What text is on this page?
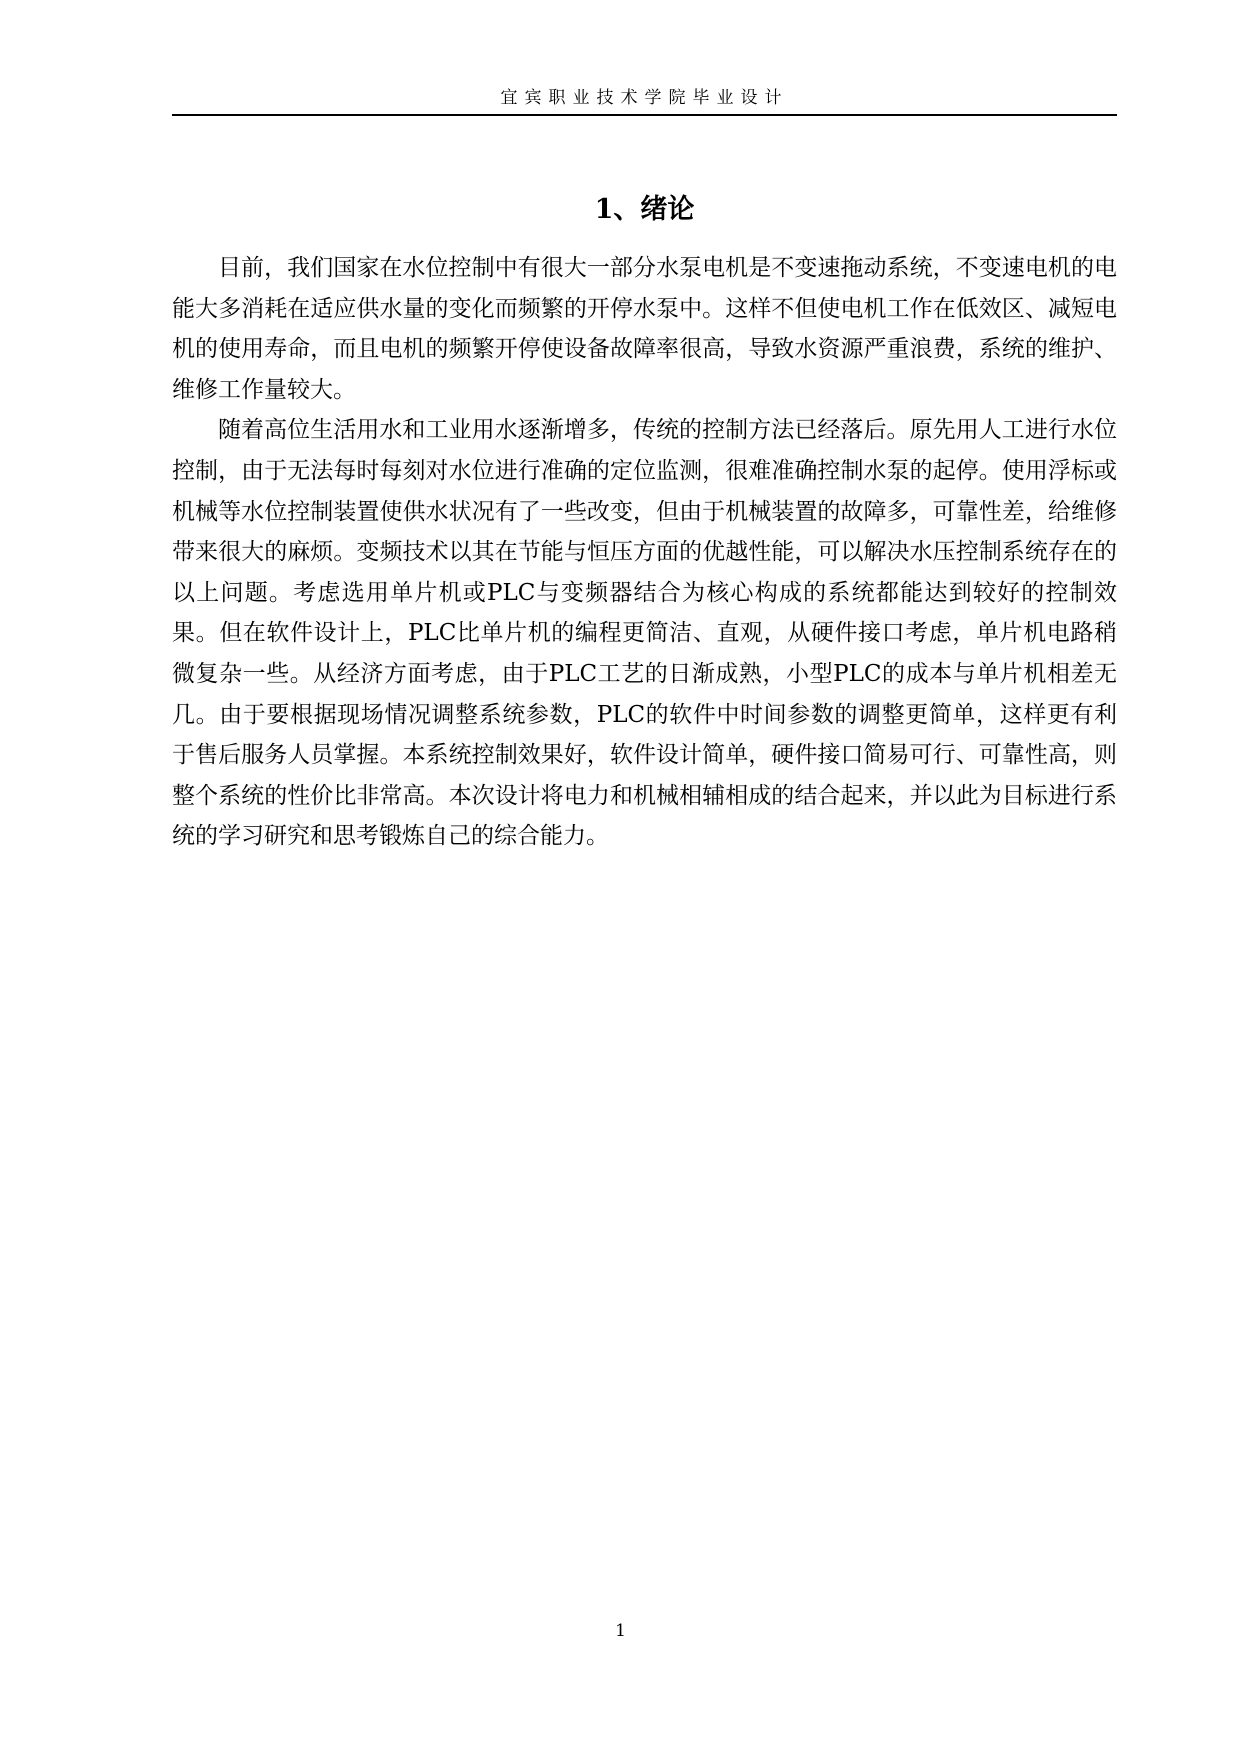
宜宾职业技术学院毕业设计
1、绪论

目前，我们国家在水位控制中有很大一部分水泵电机是不变速拖动系统，不变速电机的电能大多消耗在适应供水量的变化而频繁的开停水泵中。这样不但使电机工作在低效区、减短电机的使用寿命，而且电机的频繁开停使设备故障率很高，导致水资源严重浪费，系统的维护、维修工作量较大。

随着高位生活用水和工业用水逐渐增多，传统的控制方法已经落后。原先用人工进行水位控制，由于无法每时每刻对水位进行准确的定位监测，很难准确控制水泵的起停。使用浮标或机械等水位控制装置使供水状况有了一些改变，但由于机械装置的故障多，可靠性差，给维修带来很大的麻烦。变频技术以其在节能与恒压方面的优越性能，可以解决水压控制系统存在的以上问题。考虑选用单片机或PLC与变频器结合为核心构成的系统都能达到较好的控制效果。但在软件设计上，PLC比单片机的编程更简洁、直观，从硬件接口考虑，单片机电路稍微复杂一些。从经济方面考虑，由于PLC工艺的日渐成熟，小型PLC的成本与单片机相差无几。由于要根据现场情况调整系统参数，PLC的软件中时间参数的调整更简单，这样更有利于售后服务人员掌握。本系统控制效果好，软件设计简单，硬件接口简易可行、可靠性高，则整个系统的性价比非常高。本次设计将电力和机械相辅相成的结合起来，并以此为目标进行系统的学习研究和思考锻炼自己的综合能力。

1
